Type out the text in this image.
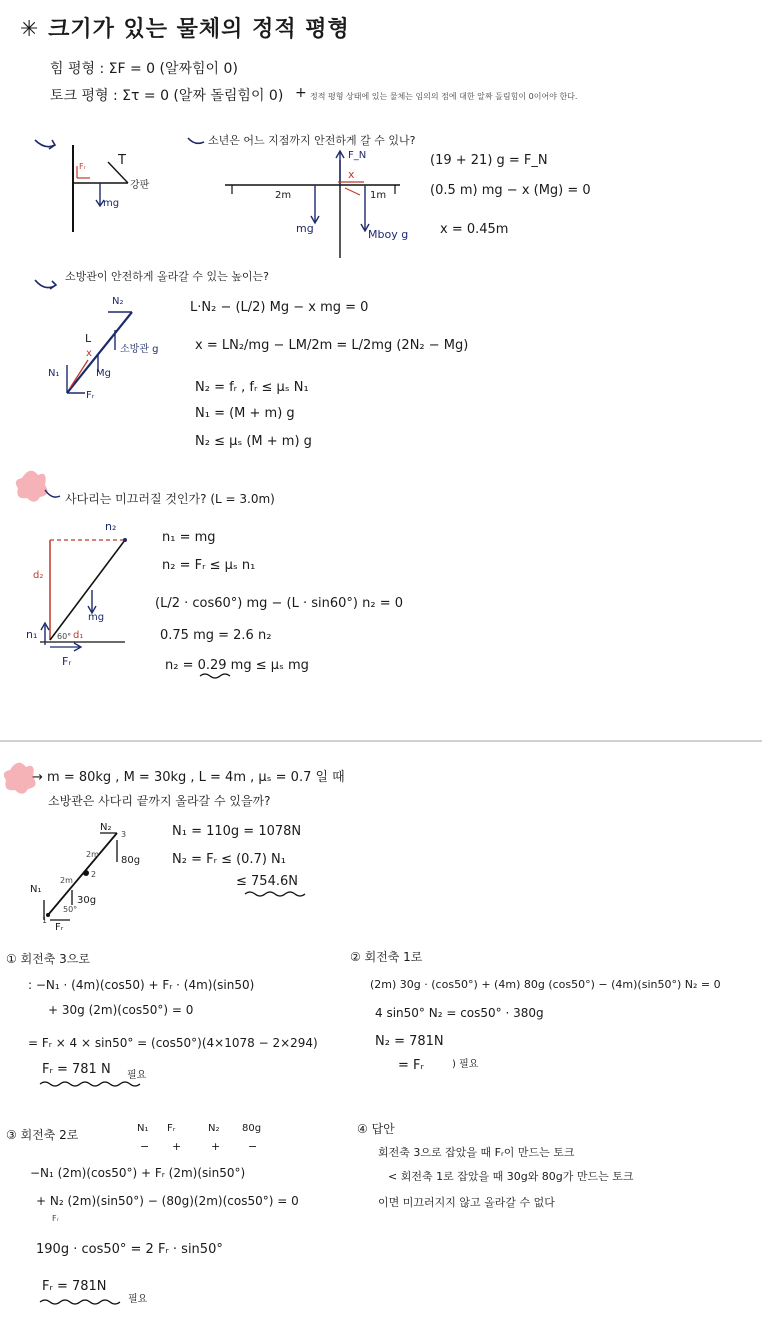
✳ 크기가 있는 물체의 정적 평형
힘 평형 : ΣF = 0 (알짜힘이 0)
토크 평형 : Στ = 0 (알짜 돌림힘이 0) + 정적 평형 상태에 있는 물체는 임의의 점에 대한 알짜 돌림힘이 0이어야 한다.
소년은 어느 지점까지 안전하게 갈 수 있나?
강판
T
Fᵣ
mg
F_N
x
2m	1m
mg	Mboy g
(19 + 21) g = F_N
(0.5 m) mg − x (Mg) = 0
x = 0.45m
소방관이 안전하게 올라갈 수 있는 높이는?
N₂
N₁
Fᵣ
L
x	소방관 g
Mg
L·N₂ − (L/2) Mg − x mg = 0
x = LN₂/mg − LM/2m = L/2mg (2N₂ − Mg)
N₂ = fᵣ , fᵣ ≤ μₛ N₁
N₁ = (M + m) g
N₂ ≤ μₛ (M + m) g
사다리는 미끄러질 것인가? (L = 3.0m)
n₂
n₁
d₂
d₁
60°
mg
Fᵣ
n₁ = mg
n₂ = Fᵣ ≤ μₛ n₁
(L/2 · cos60°) mg − (L · sin60°) n₂ = 0
0.75 mg = 2.6 n₂
n₂ = 0.29 mg ≤ μₛ mg
→ m = 80kg , M = 30kg , L = 4m , μₛ = 0.7 일 때
소방관은 사다리 끝까지 올라갈 수 있을까?
N₂
N₁
Fᵣ
2m
2m
80g
30g
50°
1
2
3	N₁ = 110g = 1078N
N₂ = Fᵣ ≤ (0.7) N₁
≤ 754.6N
① 회전축 3으로
: −N₁ · (4m)(cos50) + Fᵣ · (4m)(sin50)
+ 30g (2m)(cos50°) = 0
= Fᵣ × 4 × sin50° = (cos50°)(4×1078 − 2×294)
Fᵣ = 781 N 필요
② 회전축 1로
(2m) 30g · (cos50°) + (4m) 80g (cos50°) − (4m)(sin50°) N₂ = 0
4 sin50° N₂ = cos50° · 380g
N₂ = 781N
= Fᵣ	) 필요
③ 회전축 2로	N₁ Fᵣ	N₂ 80g
− +	+	−
−N₁ (2m)(cos50°) + Fᵣ (2m)(sin50°)
+ N₂ (2m)(sin50°) − (80g)(2m)(cos50°) = 0
Fᵣ
190g · cos50° = 2 Fᵣ · sin50°
Fᵣ = 781N
필요
④ 답안
회전축 3으로 잡았을 때 Fᵣ이 만드는 토크
< 회전축 1로 잡았을 때 30g와 80g가 만드는 토크
이면 미끄러지지 않고 올라갈 수 없다
